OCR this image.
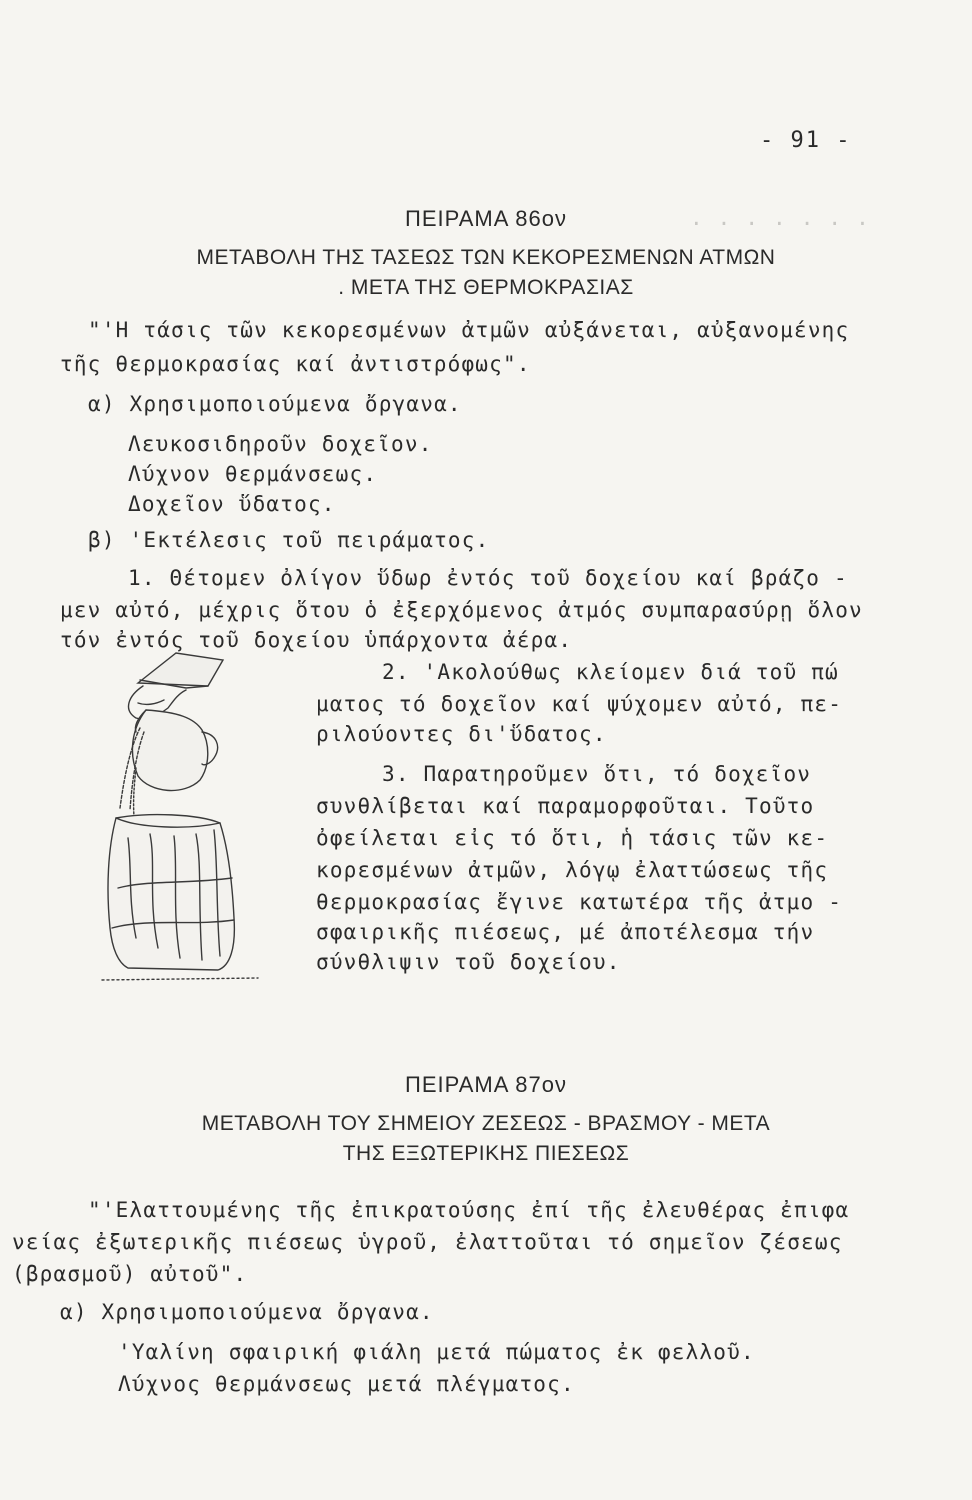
· · · · · · ·
- 91 -
ΠΕΙΡΑΜΑ 86ον
ΜΕΤΑΒΟΛΗ ΤΗΣ ΤΑΣΕΩΣ ΤΩΝ ΚΕΚΟΡΕΣΜΕΝΩΝ ΑΤΜΩΝ
. ΜΕΤΑ ΤΗΣ ΘΕΡΜΟΚΡΑΣΙΑΣ
"'Η τάσις τῶν κεκορεσμένων ἀτμῶν αὐξάνεται, αὐξανομένης
τῆς θερμοκρασίας καί ἀντιστρόφως".
α) Χρησιμοποιούμενα ὄργανα.
Λευκοσιδηροῦν δοχεῖον.
Λύχνον θερμάνσεως.
Δοχεῖον ὕδατος.
β) 'Εκτέλεσις τοῦ πειράματος.
1. Θέτομεν ὀλίγον ὕδωρ ἐντός τοῦ δοχείου καί βράζο -
μεν αὐτό, μέχρις ὅτου ὁ ἐξερχόμενος ἀτμός συμπαρασύρῃ ὅλον
τόν ἐντός τοῦ δοχείου ὑπάρχοντα ἀέρα.
2. 'Ακολούθως κλείομεν διά τοῦ πώ
ματος τό δοχεῖον καί ψύχομεν αὐτό, πε-
ριλούοντες δι'ὕδατος.
3. Παρατηροῦμεν ὅτι, τό δοχεῖον
συνθλίβεται καί παραμορφοῦται. Τοῦτο
ὀφείλεται εἰς τό ὅτι, ἡ τάσις τῶν κε-
κορεσμένων ἀτμῶν, λόγῳ ἐλαττώσεως τῆς
θερμοκρασίας ἔγινε κατωτέρα τῆς ἀτμο -
σφαιρικῆς πιέσεως, μέ ἀποτέλεσμα τήν
σύνθλιψιν τοῦ δοχείου.
ΠΕΙΡΑΜΑ 87ον
ΜΕΤΑΒΟΛΗ ΤΟΥ ΣΗΜΕΙΟΥ ΖΕΣΕΩΣ - ΒΡΑΣΜΟΥ - ΜΕΤΑ
ΤΗΣ ΕΞΩΤΕΡΙΚΗΣ ΠΙΕΣΕΩΣ
"'Ελαττουμένης τῆς ἐπικρατούσης ἐπί τῆς ἐλευθέρας ἐπιφα
νείας ἐξωτερικῆς πιέσεως ὑγροῦ, ἐλαττοῦται τό σημεῖον ζέσεως
(βρασμοῦ) αὐτοῦ".
α) Χρησιμοποιούμενα ὄργανα.
'Υαλίνη σφαιρική φιάλη μετά πώματος ἐκ φελλοῦ.
Λύχνος θερμάνσεως μετά πλέγματος.
